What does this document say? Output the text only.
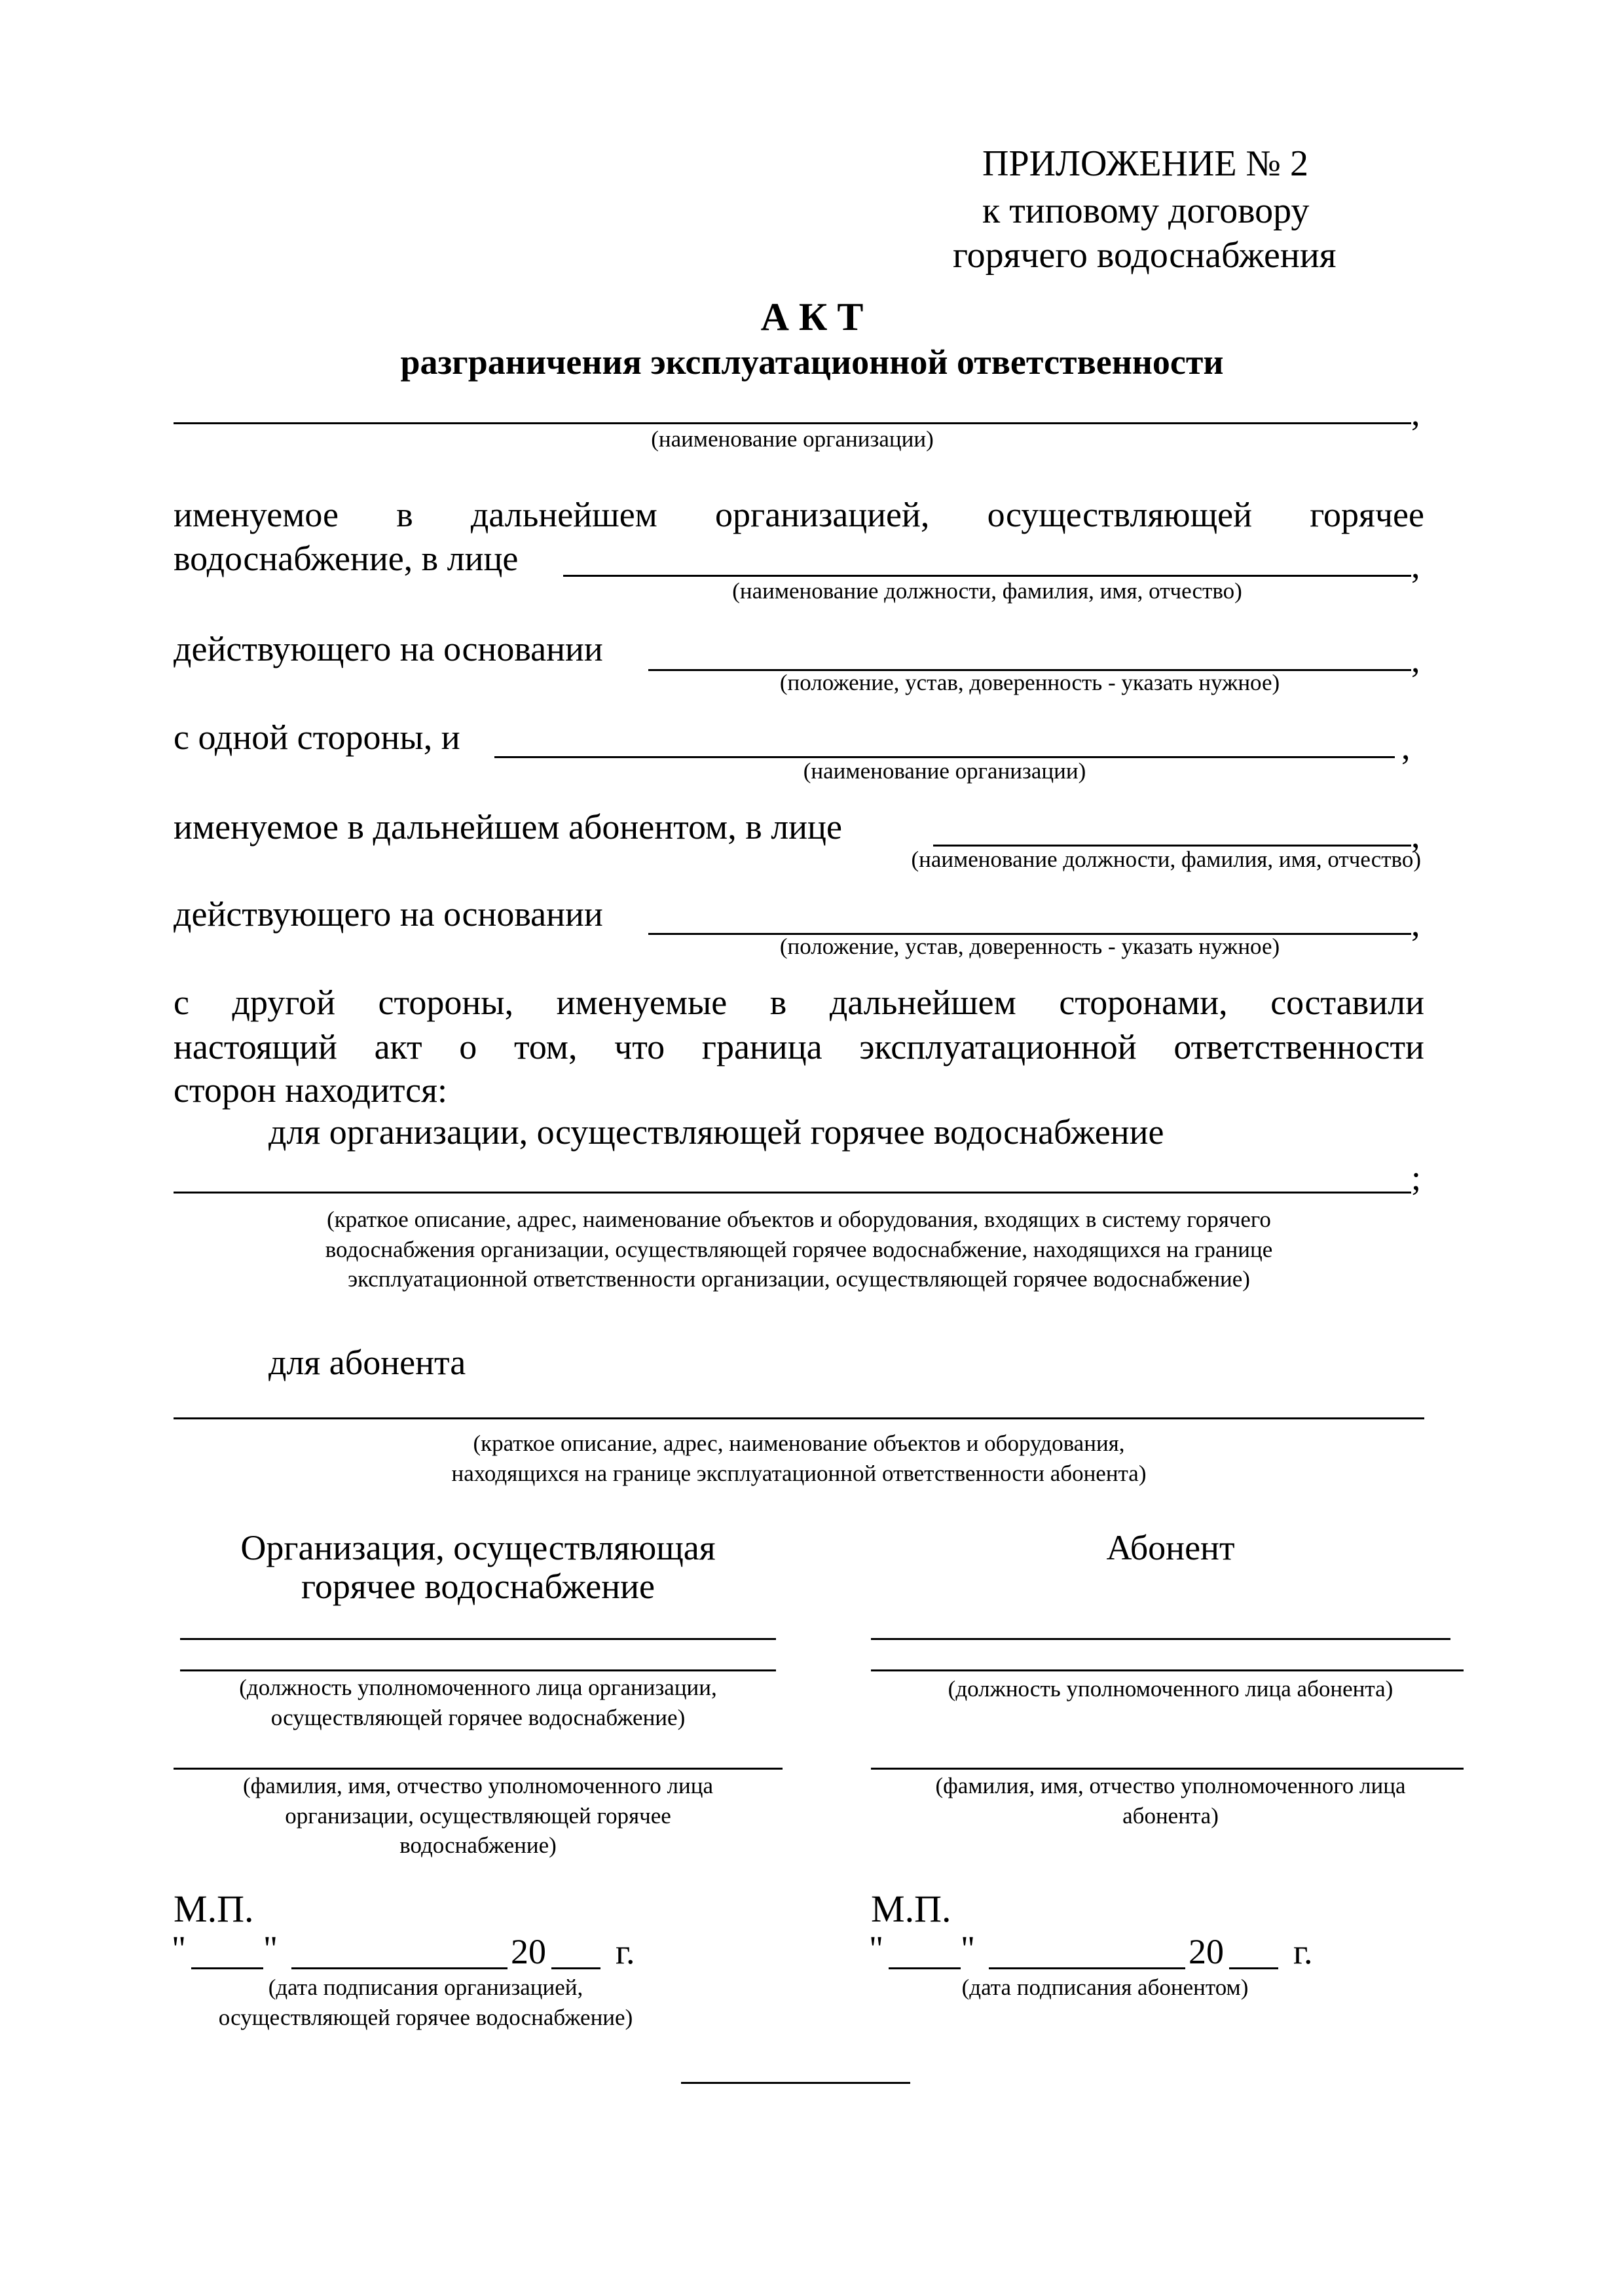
ПРИЛОЖЕНИЕ № 2
к типовому договору
горячего водоснабжения
А К Т
разграничения эксплуатационной ответственности
,
(наименование организации)
именуемое в дальнейшем организацией, осуществляющей горячее
водоснабжение, в лице	,
(наименование должности, фамилия, имя, отчество)
действующего на основании	,
(положение, устав, доверенность - указать нужное)
с одной стороны, и	,
(наименование организации)
именуемое в дальнейшем абонентом, в лице	,
(наименование должности, фамилия, имя, отчество)
действующего на основании	,
(положение, устав, доверенность - указать нужное)
с другой стороны, именуемые в дальнейшем сторонами, составили
настоящий акт о том, что граница эксплуатационной ответственности
сторон находится:
для организации, осуществляющей горячее водоснабжение
;
(краткое описание, адрес, наименование объектов и оборудования, входящих в систему горячего
водоснабжения организации, осуществляющей горячее водоснабжение, находящихся на границе
эксплуатационной ответственности организации, осуществляющей горячее водоснабжение)
для абонента
(краткое описание, адрес, наименование объектов и оборудования,
находящихся на границе эксплуатационной ответственности абонента)
Организация, осуществляющая
горячее водоснабжение
(должность уполномоченного лица организации,
осуществляющей горячее водоснабжение)
(фамилия, имя, отчество уполномоченного лица
организации, осуществляющей горячее
водоснабжение)
М.П.
" "	20 г.
(дата подписания организацией,
осуществляющей горячее водоснабжение)
Абонент
(должность уполномоченного лица абонента)
(фамилия, имя, отчество уполномоченного лица
абонента)
М.П.
" "	20 г.
(дата подписания абонентом)
